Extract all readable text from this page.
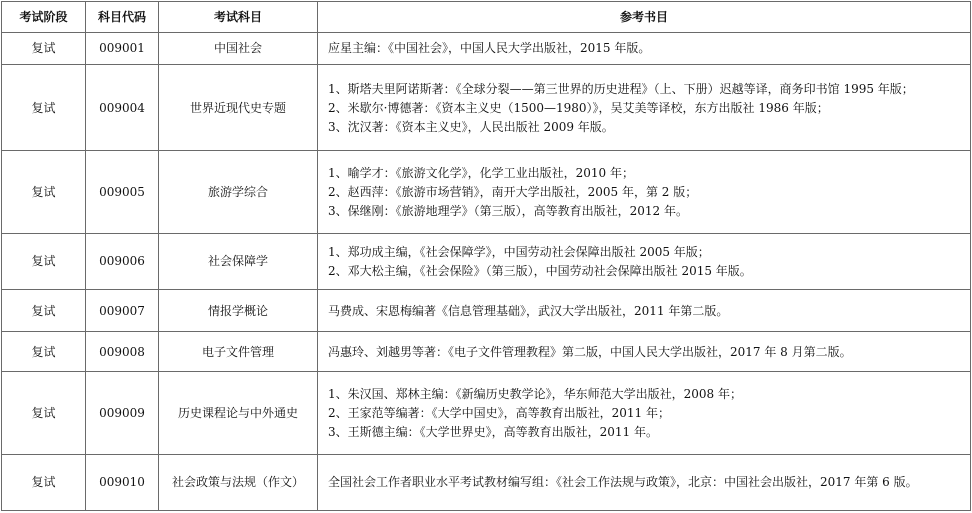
考试阶段	科目代码	考试科目	参考书目
复试	009001	中国社会	应星主编：《中国社会》，中国人民大学出版社，2015 年版。

复试	009004	世界近现代史专题	1、斯塔夫里阿诺斯著：《全球分裂——第三世界的历史进程》（上、下册）迟越等译，商务印书馆 1995 年版；
2、米歇尔·博德著：《资本主义史（1500—1980）》，吴艾美等译校，东方出版社 1986 年版；
3、沈汉著：《资本主义史》，人民出版社 2009 年版。

复试	009005	旅游学综合	1、喻学才：《旅游文化学》，化学工业出版社，2010 年；
2、赵西萍：《旅游市场营销》，南开大学出版社，2005 年，第 2 版；
3、保继刚：《旅游地理学》（第三版），高等教育出版社，2012 年。

复试	009006	社会保障学	1、郑功成主编，《社会保障学》，中国劳动社会保障出版社 2005 年版；
2、邓大松主编，《社会保险》（第三版），中国劳动社会保障出版社 2015 年版。

复试	009007	情报学概论	马费成、宋恩梅编著《信息管理基础》，武汉大学出版社，2011 年第二版。

复试	009008	电子文件管理	冯惠玲、刘越男等著：《电子文件管理教程》第二版，中国人民大学出版社，2017 年 8 月第二版。

复试	009009	历史课程论与中外通史	1、朱汉国、郑林主编：《新编历史教学论》，华东师范大学出版社，2008 年；
2、王家范等编著：《大学中国史》，高等教育出版社，2011 年；
3、王斯德主编：《大学世界史》，高等教育出版社，2011 年。

复试	009010	社会政策与法规（作文）	全国社会工作者职业水平考试教材编写组：《社会工作法规与政策》，北京：中国社会出版社，2017 年第 6 版。
